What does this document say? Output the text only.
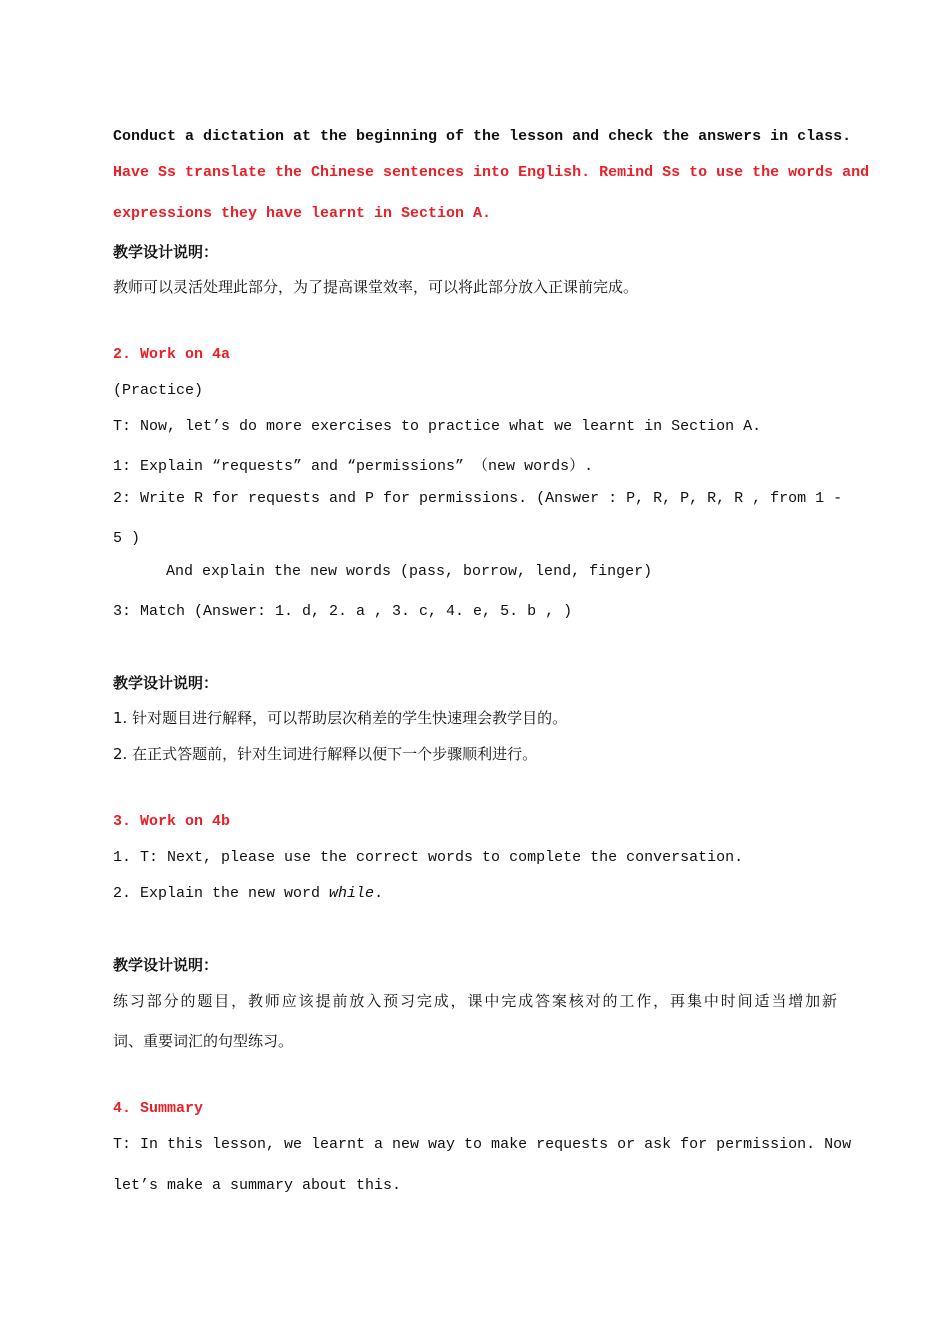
Conduct a dictation at the beginning of the lesson and check the answers in class.
Have Ss translate the Chinese sentences into English. Remind Ss to use the words and
expressions they have learnt in Section A.
教学设计说明：
教师可以灵活处理此部分，为了提高课堂效率，可以将此部分放入正课前完成。
2. Work on 4a
(Practice)
T: Now, let’s do more exercises to practice what we learnt in Section A.
1: Explain “requests” and “permissions” （new words）.
2: Write R for requests and P for permissions. (Answer : P, R, P, R, R , from 1 -
5 )
And explain the new words (pass, borrow, lend, finger)
3: Match (Answer: 1. d, 2. a , 3. c, 4. e, 5. b , )
教学设计说明：
1. 针对题目进行解释，可以帮助层次稍差的学生快速理会教学目的。
2. 在正式答题前，针对生词进行解释以便下一个步骤顺利进行。
3. Work on 4b
1. T: Next, please use the correct words to complete the conversation.
2. Explain the new word while.
教学设计说明：
练习部分的题目，教师应该提前放入预习完成，课中完成答案核对的工作，再集中时间适当增加新
词、重要词汇的句型练习。
4. Summary
T: In this lesson, we learnt a new way to make requests or ask for permission. Now
let’s make a summary about this.
